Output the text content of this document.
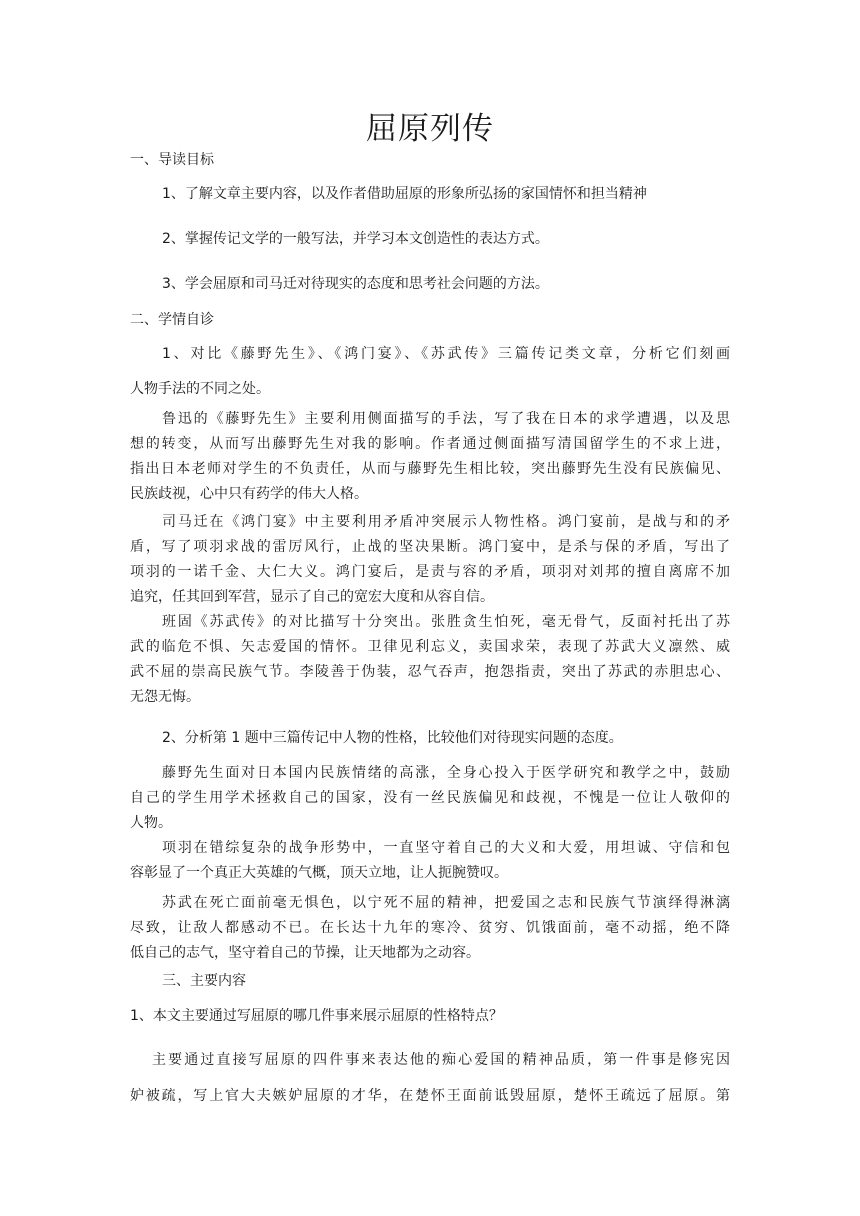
屈原列传
一、导读目标
1、了解文章主要内容，以及作者借助屈原的形象所弘扬的家国情怀和担当精神
2、掌握传记文学的一般写法，并学习本文创造性的表达方式。
3、学会屈原和司马迁对待现实的态度和思考社会问题的方法。
二、学情自诊
1、对比《藤野先生》、《鸿门宴》、《苏武传》三篇传记类文章，分析它们刻画
人物手法的不同之处。
鲁迅的《藤野先生》主要利用侧面描写的手法，写了我在日本的求学遭遇，以及思
想的转变，从而写出藤野先生对我的影响。作者通过侧面描写清国留学生的不求上进，
指出日本老师对学生的不负责任，从而与藤野先生相比较，突出藤野先生没有民族偏见、
民族歧视，心中只有药学的伟大人格。
司马迁在《鸿门宴》中主要利用矛盾冲突展示人物性格。鸿门宴前，是战与和的矛
盾，写了项羽求战的雷厉风行，止战的坚决果断。鸿门宴中，是杀与保的矛盾，写出了
项羽的一诺千金、大仁大义。鸿门宴后，是责与容的矛盾，项羽对刘邦的擅自离席不加
追究，任其回到军营，显示了自己的宽宏大度和从容自信。
班固《苏武传》的对比描写十分突出。张胜贪生怕死，毫无骨气，反面衬托出了苏
武的临危不惧、矢志爱国的情怀。卫律见利忘义，卖国求荣，表现了苏武大义凛然、威
武不屈的崇高民族气节。李陵善于伪装，忍气吞声，抱怨指责，突出了苏武的赤胆忠心、
无怨无悔。
2、分析第 1 题中三篇传记中人物的性格，比较他们对待现实问题的态度。
藤野先生面对日本国内民族情绪的高涨，全身心投入于医学研究和教学之中，鼓励
自己的学生用学术拯救自己的国家，没有一丝民族偏见和歧视，不愧是一位让人敬仰的
人物。
项羽在错综复杂的战争形势中，一直坚守着自己的大义和大爱，用坦诚、守信和包
容彰显了一个真正大英雄的气概，顶天立地，让人扼腕赞叹。
苏武在死亡面前毫无惧色，以宁死不屈的精神，把爱国之志和民族气节演绎得淋漓
尽致，让敌人都感动不已。在长达十九年的寒冷、贫穷、饥饿面前，毫不动摇，绝不降
低自己的志气，坚守着自己的节操，让天地都为之动容。
三、主要内容
1、本文主要通过写屈原的哪几件事来展示屈原的性格特点？
主要通过直接写屈原的四件事来表达他的痴心爱国的精神品质，第一件事是修宪因
妒被疏，写上官大夫嫉妒屈原的才华，在楚怀王面前诋毁屈原，楚怀王疏远了屈原。第
